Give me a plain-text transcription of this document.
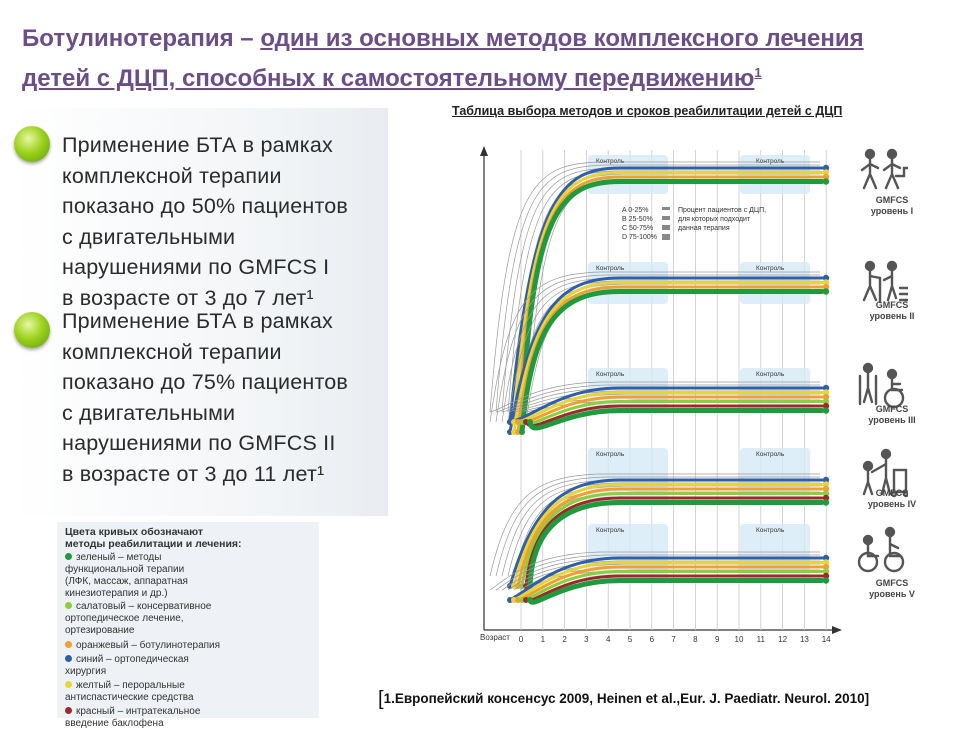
Ботулинотерапия – один из основных методов комплексного лечения
детей с ДЦП, способных к самостоятельному передвижению$^1$
Применение БТА в рамках
комплексной терапии
показано до 50% пациентов
с двигательными
нарушениями по GMFCS I
в возрасте от 3 до 7 лет¹
Применение БТА в рамках
комплексной терапии
показано до 75% пациентов
с двигательными
нарушениями по GMFCS II
в возрасте от 3 до 11 лет¹
Цвета кривых обозначают
методы реабилитации и лечения:
зеленый – методы
функциональной терапии
(ЛФК, массаж, аппаратная
кинезиотерапия и др.)
салатовый – консервативное
ортопедическое лечение,
ортезирование
оранжевый – ботулинотерапия
синий – ортопедическая
хирургия
желтый – пероральные
антиспастические средства
красный – интратекальное
введение баклофена
Таблица выбора методов и сроков реабилитации детей с ДЦП
0 1 2 3 4 5 6 7 8 9 10 11 12 13 14
Возраст
Контроль	Контроль
Контроль	Контроль
Контроль	Контроль
Контроль	Контроль
Контроль	Контроль
A 0-25%
B 25-50%
C 50-75%
D 75-100%
Процент пациентов с ДЦП,
для которых подходит
данная терапия
GMFCS уровень I
GMFCS уровень II
GMFCS уровень III
GMFCS уровень IV
GMFCS уровень V
[1.Европейский консенсус 2009, Heinen et al.,Eur. J. Paediatr. Neurol. 2010]
